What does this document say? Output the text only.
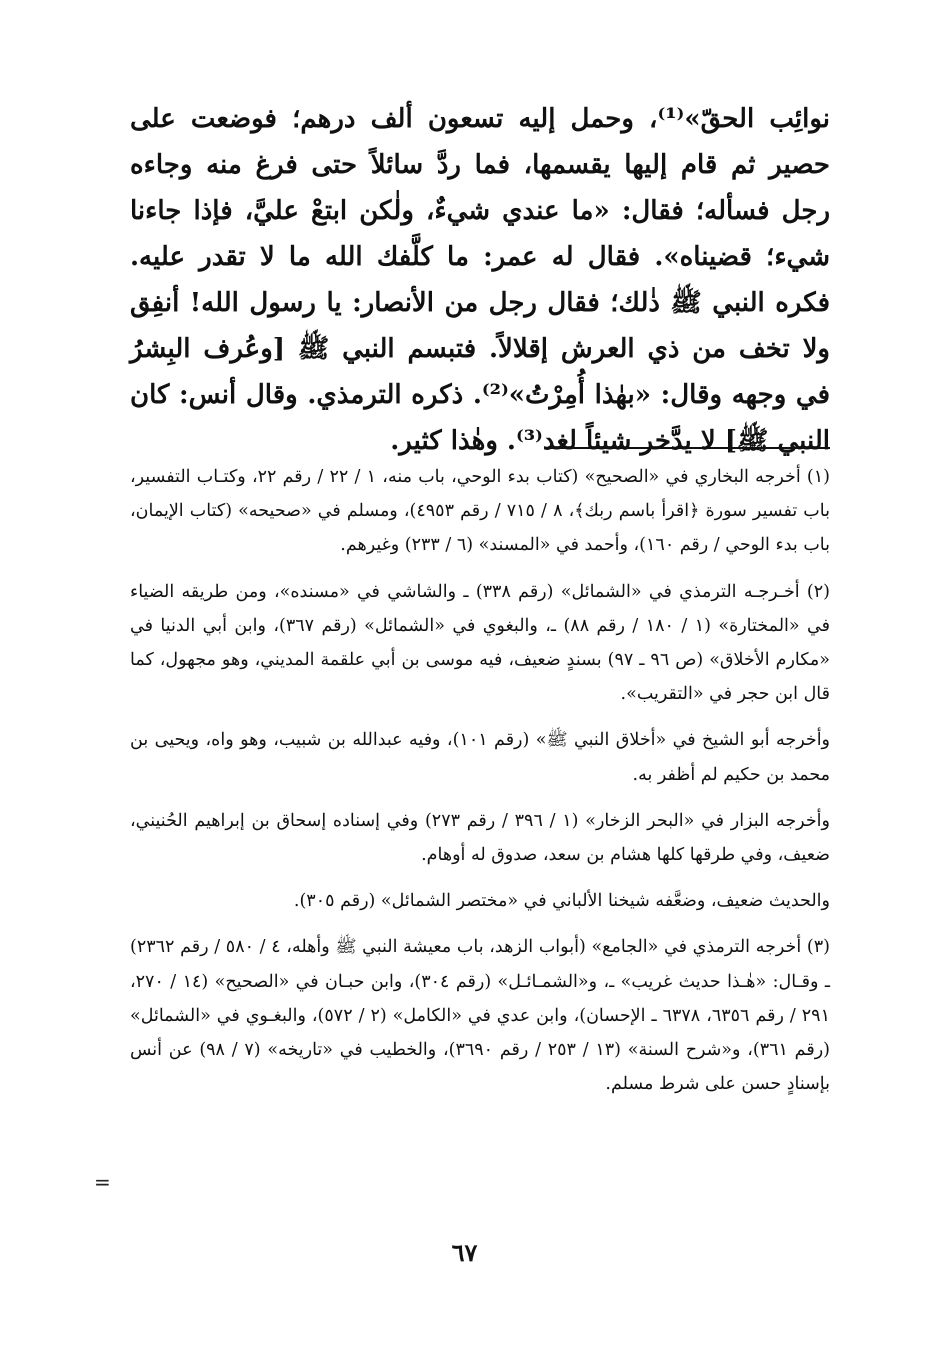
نوائِب الحقّ»⁽¹⁾، وحمل إليه تسعون ألف درهم؛ فوضعت على حصير ثم قام إليها يقسمها، فما ردَّ سائلاً حتى فرغ منه وجاءه رجل فسأله؛ فقال: «ما عندي شيءٌ، ولٰكن ابتعْ عليَّ، فإذا جاءنا شيء؛ قضيناه». فقال له عمر: ما كلَّفك الله ما لا تقدر عليه. فكره النبي ﷺ ذٰلك؛ فقال رجل من الأنصار: يا رسول الله! أنفِق ولا تخف من ذي العرش إقلالاً. فتبسم النبي ﷺ [وعُرف البِشرُ في وجهه وقال: «بهٰذا أُمِرْتُ»⁽²⁾. ذكره الترمذي. وقال أنس: كان النبي ﷺ] لا يدَّخر شيئاً لغد⁽³⁾. وهٰذا كثير.

(١) أخرجه البخاري في «الصحيح» (كتاب بدء الوحي، باب منه، ١ / ٢٢ / رقم ٢٢، وكتـاب التفسير، باب تفسير سورة ﴿اقرأ باسم ربك﴾، ٨ / ٧١٥ / رقم ٤٩٥٣)، ومسلم في «صحيحه» (كتاب الإيمان، باب بدء الوحي / رقم ١٦٠)، وأحمد في «المسند» (٦ / ٢٣٣) وغيرهم.

(٢) أخـرجـه الترمذي في «الشمائل» (رقم ٣٣٨) ـ والشاشي في «مسنده»، ومن طريقه الضياء في «المختارة» (١ / ١٨٠ / رقم ٨٨) ـ، والبغوي في «الشمائل» (رقم ٣٦٧)، وابن أبي الدنيا في «مكارم الأخلاق» (ص ٩٦ ـ ٩٧) بسندٍ ضعيف، فيه موسى بن أبي علقمة المديني، وهو مجهول، كما قال ابن حجر في «التقريب».

وأخرجه أبو الشيخ في «أخلاق النبي ﷺ» (رقم ١٠١)، وفيه عبدالله بن شبيب، وهو واه، ويحيى بن محمد بن حكيم لم أظفر به.

وأخرجه البزار في «البحر الزخار» (١ / ٣٩٦ / رقم ٢٧٣) وفي إسناده إسحاق بن إبراهيم الحُنيني، ضعيف، وفي طرقها كلها هشام بن سعد، صدوق له أوهام.

والحديث ضعيف، وضعَّفه شيخنا الألباني في «مختصر الشمائل» (رقم ٣٠٥).

(٣) أخرجه الترمذي في «الجامع» (أبواب الزهد، باب معيشة النبي ﷺ وأهله، ٤ / ٥٨٠ / رقم ٢٣٦٢) ـ وقـال: «هٰـذا حديث غريب» ـ، و«الشمـائـل» (رقم ٣٠٤)، وابن حبـان في «الصحيح» (١٤ / ٢٧٠، ٢٩١ / رقم ٦٣٥٦، ٦٣٧٨ ـ الإحسان)، وابن عدي في «الكامل» (٢ / ٥٧٢)، والبغـوي في «الشمائل» (رقم ٣٦١)، و«شرح السنة» (١٣ / ٢٥٣ / رقم ٣٦٩٠)، والخطيب في «تاريخه» (٧ / ٩٨) عن أنس بإسنادٍ حسن على شرط مسلم.

=
٦٧
